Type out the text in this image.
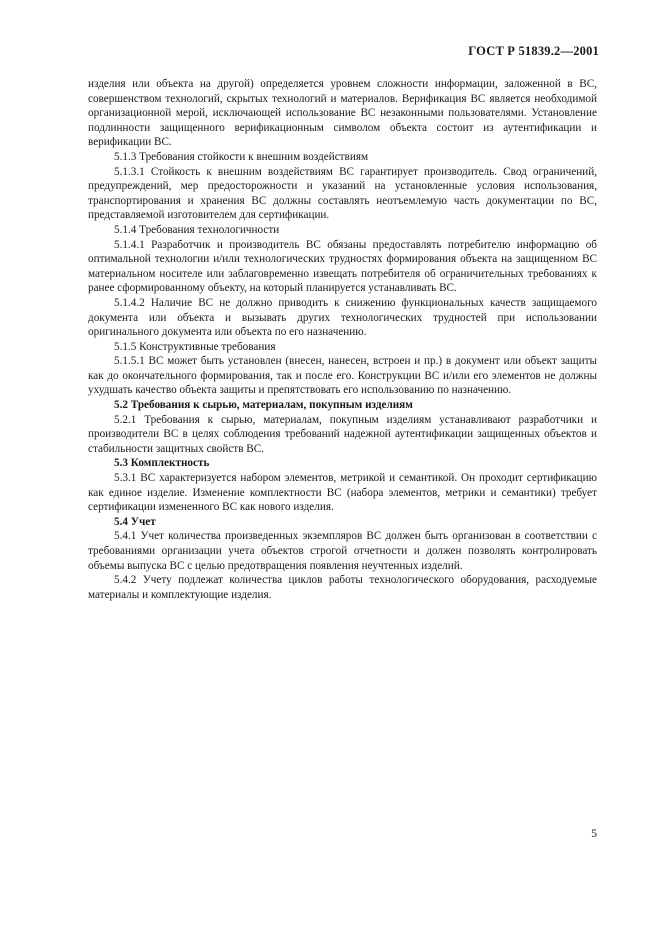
ГОСТ Р 51839.2—2001

изделия или объекта на другой) определяется уровнем сложности информации, заложенной в ВС, совершенством технологий, скрытых технологий и материалов. Верификация ВС является необходимой организационной мерой, исключающей использование ВС незаконными пользователями. Установление подлинности защищенного верификационным символом объекта состоит из аутентификации и верификации ВС.

5.1.3 Требования стойкости к внешним воздействиям

5.1.3.1 Стойкость к внешним воздействиям ВС гарантирует производитель. Свод ограничений, предупреждений, мер предосторожности и указаний на установленные условия использования, транспортирования и хранения ВС должны составлять неотъемлемую часть документации по ВС, представляемой изготовителем для сертификации.

5.1.4 Требования технологичности

5.1.4.1 Разработчик и производитель ВС обязаны предоставлять потребителю информацию об оптимальной технологии и/или технологических трудностях формирования объекта на защищенном ВС материальном носителе или заблаговременно извещать потребителя об ограничительных требованиях к ранее сформированному объекту, на который планируется устанавливать ВС.

5.1.4.2 Наличие ВС не должно приводить к снижению функциональных качеств защищаемого документа или объекта и вызывать других технологических трудностей при использовании оригинального документа или объекта по его назначению.

5.1.5 Конструктивные требования

5.1.5.1 ВС может быть установлен (внесен, нанесен, встроен и пр.) в документ или объект защиты как до окончательного формирования, так и после его. Конструкции ВС и/или его элементов не должны ухудшать качество объекта защиты и препятствовать его использованию по назначению.

5.2 Требования к сырью, материалам, покупным изделиям

5.2.1 Требования к сырью, материалам, покупным изделиям устанавливают разработчики и производители ВС в целях соблюдения требований надежной аутентификации защищенных объектов и стабильности защитных свойств ВС.

5.3 Комплектность

5.3.1 ВС характеризуется набором элементов, метрикой и семантикой. Он проходит сертификацию как единое изделие. Изменение комплектности ВС (набора элементов, метрики и семантики) требует сертификации измененного ВС как нового изделия.

5.4 Учет

5.4.1 Учет количества произведенных экземпляров ВС должен быть организован в соответствии с требованиями организации учета объектов строгой отчетности и должен позволять контролировать объемы выпуска ВС с целью предотвращения появления неучтенных изделий.

5.4.2 Учету подлежат количества циклов работы технологического оборудования, расходуемые материалы и комплектующие изделия.

5
